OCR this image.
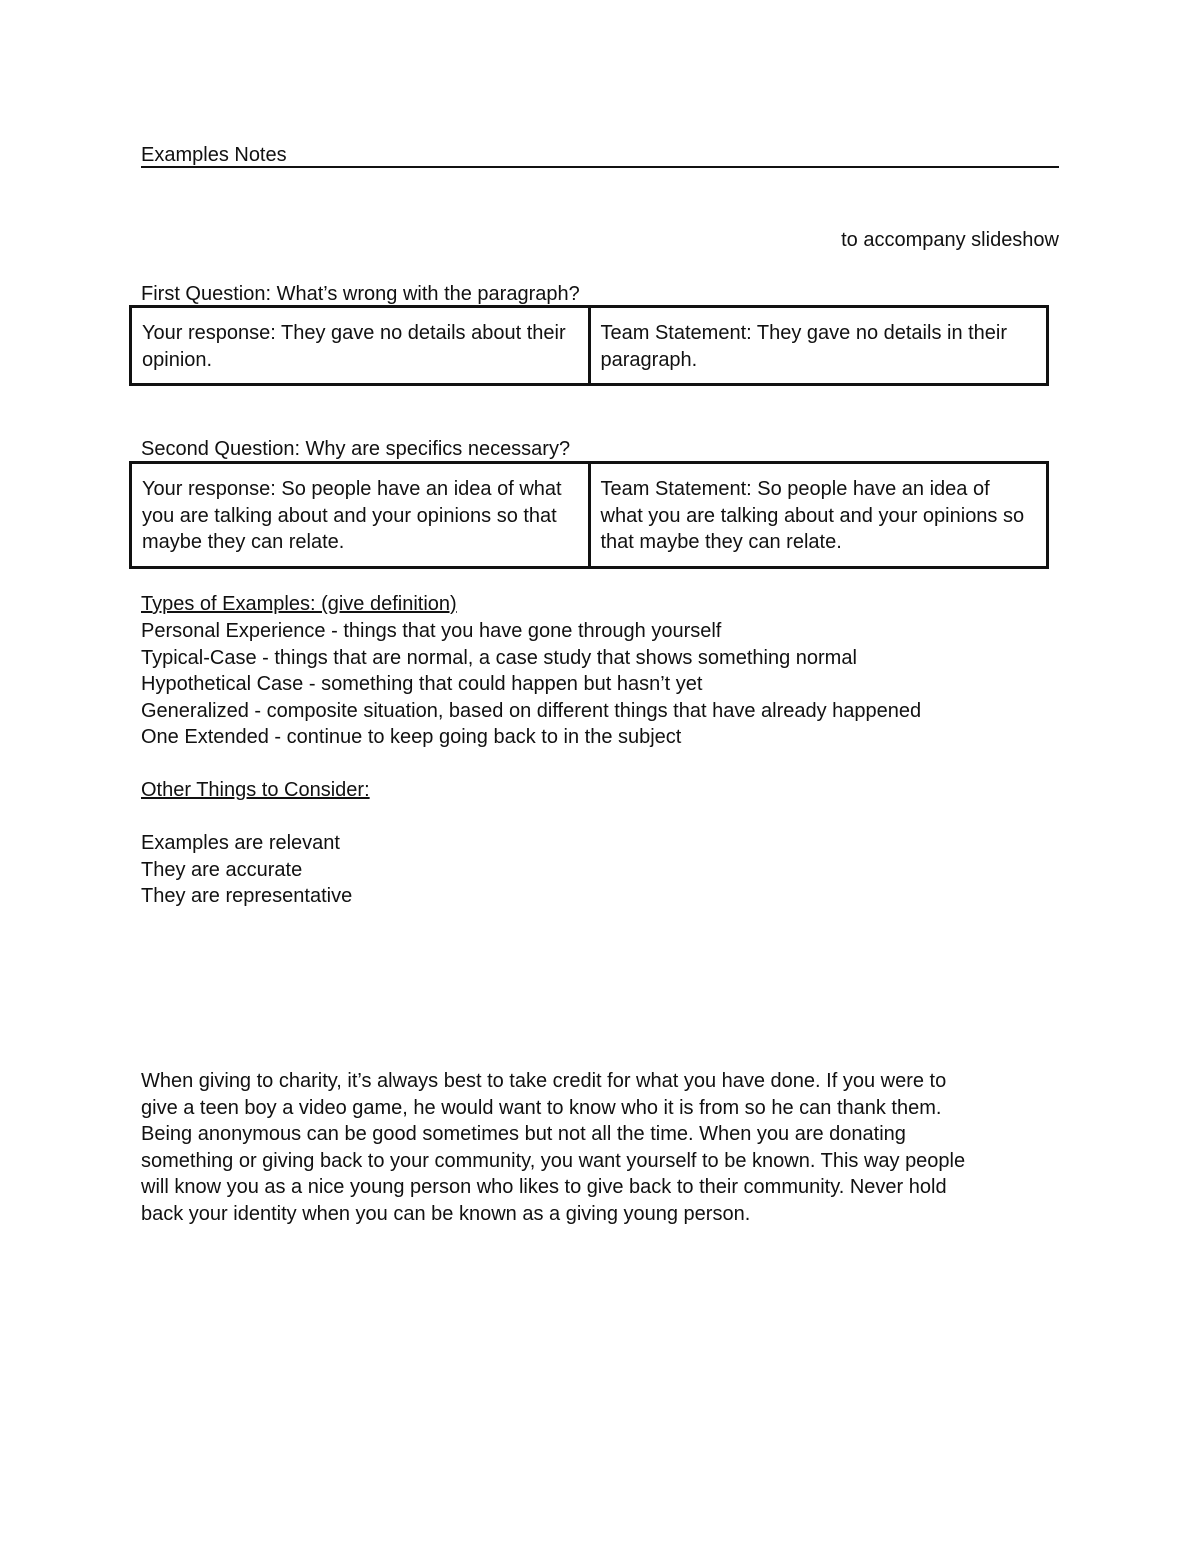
Examples Notes
to accompany slideshow
First Question: What’s wrong with the paragraph?
Your response: They gave no details about their opinion.	Team Statement: They gave no details in their paragraph.
Second Question: Why are specifics necessary?
Your response: So people have an idea of what you are talking about and your opinions so that maybe they can relate.	Team Statement: So people have an idea of what you are talking about and your opinions so that maybe they can relate.
Types of Examples: (give definition)
Personal Experience - things that you have gone through yourself
Typical-Case - things that are normal, a case study that shows something normal
Hypothetical Case - something that could happen but hasn’t yet
Generalized - composite situation, based on different things that have already happened
One Extended - continue to keep going back to in the subject
Other Things to Consider:
Examples are relevant
They are accurate
They are representative
When giving to charity, it’s always best to take credit for what you have done. If you were to
give a teen boy a video game, he would want to know who it is from so he can thank them.
Being anonymous can be good sometimes but not all the time. When you are donating
something or giving back to your community, you want yourself to be known. This way people
will know you as a nice young person who likes to give back to their community. Never hold
back your identity when you can be known as a giving young person.
